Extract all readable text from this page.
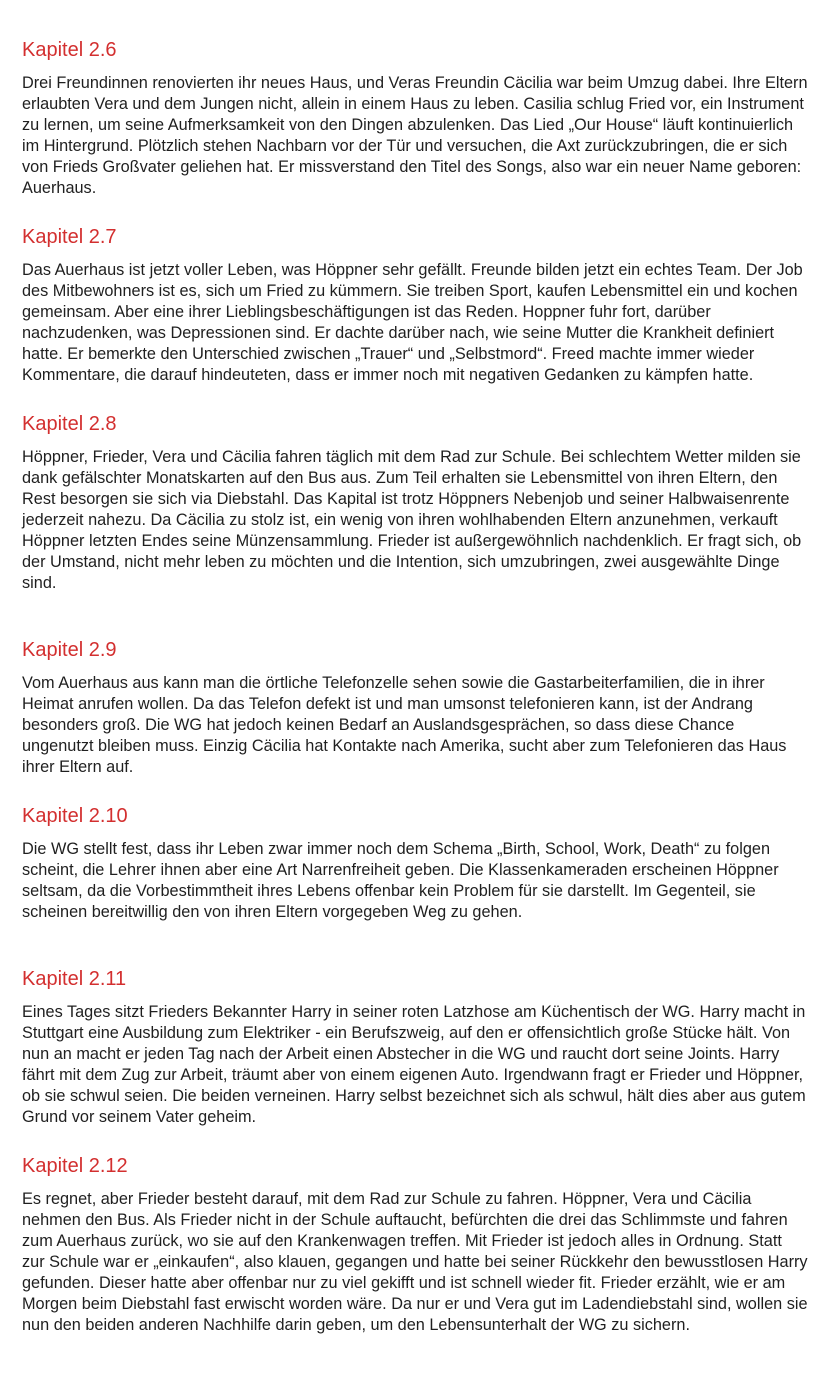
Kapitel 2.6

Drei Freundinnen renovierten ihr neues Haus, und Veras Freundin Cäcilia war beim Umzug dabei. Ihre Eltern erlaubten Vera und dem Jungen nicht, allein in einem Haus zu leben. Casilia schlug Fried vor, ein Instrument zu lernen, um seine Aufmerksamkeit von den Dingen abzulenken. Das Lied „Our House“ läuft kontinuierlich im Hintergrund. Plötzlich stehen Nachbarn vor der Tür und versuchen, die Axt zurückzubringen, die er sich von Frieds Großvater geliehen hat. Er missverstand den Titel des Songs, also war ein neuer Name geboren: Auerhaus.

Kapitel 2.7

Das Auerhaus ist jetzt voller Leben, was Höppner sehr gefällt. Freunde bilden jetzt ein echtes Team. Der Job des Mitbewohners ist es, sich um Fried zu kümmern. Sie treiben Sport, kaufen Lebensmittel ein und kochen gemeinsam. Aber eine ihrer Lieblingsbeschäftigungen ist das Reden. Hoppner fuhr fort, darüber nachzudenken, was Depressionen sind. Er dachte darüber nach, wie seine Mutter die Krankheit definiert hatte. Er bemerkte den Unterschied zwischen „Trauer“ und „Selbstmord“. Freed machte immer wieder Kommentare, die darauf hindeuteten, dass er immer noch mit negativen Gedanken zu kämpfen hatte.

Kapitel 2.8

Höppner, Frieder, Vera und Cäcilia fahren täglich mit dem Rad zur Schule. Bei schlechtem Wetter milden sie dank gefälschter Monatskarten auf den Bus aus. Zum Teil erhalten sie Lebensmittel von ihren Eltern, den Rest besorgen sie sich via Diebstahl. Das Kapital ist trotz Höppners Nebenjob und seiner Halbwaisenrente jederzeit nahezu. Da Cäcilia zu stolz ist, ein wenig von ihren wohlhabenden Eltern anzunehmen, verkauft Höppner letzten Endes seine Münzensammlung. Frieder ist außergewöhnlich nachdenklich. Er fragt sich, ob der Umstand, nicht mehr leben zu möchten und die Intention, sich umzubringen, zwei ausgewählte Dinge sind.

Kapitel 2.9

Vom Auerhaus aus kann man die örtliche Telefonzelle sehen sowie die Gastarbeiterfamilien, die in ihrer Heimat anrufen wollen. Da das Telefon defekt ist und man umsonst telefonieren kann, ist der Andrang besonders groß. Die WG hat jedoch keinen Bedarf an Auslandsgesprächen, so dass diese Chance ungenutzt bleiben muss. Einzig Cäcilia hat Kontakte nach Amerika, sucht aber zum Telefonieren das Haus ihrer Eltern auf.

Kapitel 2.10

Die WG stellt fest, dass ihr Leben zwar immer noch dem Schema „Birth, School, Work, Death“ zu folgen scheint, die Lehrer ihnen aber eine Art Narrenfreiheit geben. Die Klassenkameraden erscheinen Höppner seltsam, da die Vorbestimmtheit ihres Lebens offenbar kein Problem für sie darstellt. Im Gegenteil, sie scheinen bereitwillig den von ihren Eltern vorgegeben Weg zu gehen.

Kapitel 2.11

Eines Tages sitzt Frieders Bekannter Harry in seiner roten Latzhose am Küchentisch der WG. Harry macht in Stuttgart eine Ausbildung zum Elektriker - ein Berufszweig, auf den er offensichtlich große Stücke hält. Von nun an macht er jeden Tag nach der Arbeit einen Abstecher in die WG und raucht dort seine Joints. Harry fährt mit dem Zug zur Arbeit, träumt aber von einem eigenen Auto. Irgendwann fragt er Frieder und Höppner, ob sie schwul seien. Die beiden verneinen. Harry selbst bezeichnet sich als schwul, hält dies aber aus gutem Grund vor seinem Vater geheim.

Kapitel 2.12

Es regnet, aber Frieder besteht darauf, mit dem Rad zur Schule zu fahren. Höppner, Vera und Cäcilia nehmen den Bus. Als Frieder nicht in der Schule auftaucht, befürchten die drei das Schlimmste und fahren zum Auerhaus zurück, wo sie auf den Krankenwagen treffen. Mit Frieder ist jedoch alles in Ordnung. Statt zur Schule war er „einkaufen“, also klauen, gegangen und hatte bei seiner Rückkehr den bewusstlosen Harry gefunden. Dieser hatte aber offenbar nur zu viel gekifft und ist schnell wieder fit. Frieder erzählt, wie er am Morgen beim Diebstahl fast erwischt worden wäre. Da nur er und Vera gut im Ladendiebstahl sind, wollen sie nun den beiden anderen Nachhilfe darin geben, um den Lebensunterhalt der WG zu sichern.
